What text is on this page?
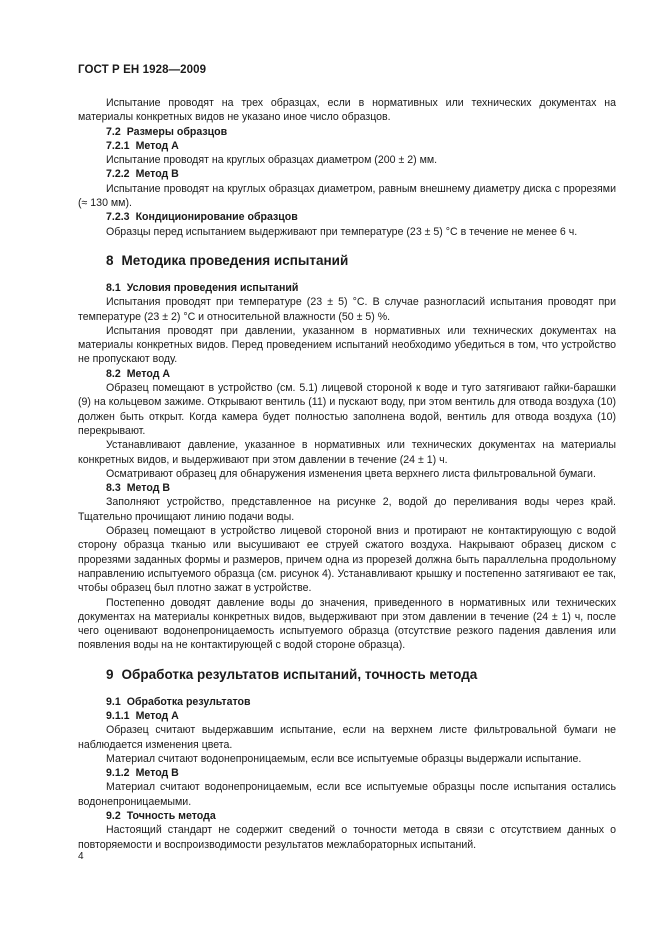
ГОСТ Р ЕН 1928—2009

Испытание проводят на трех образцах, если в нормативных или технических документах на материалы конкретных видов не указано иное число образцов.

7.2 Размеры образцов

7.2.1 Метод А

Испытание проводят на круглых образцах диаметром (200 ± 2) мм.

7.2.2 Метод В

Испытание проводят на круглых образцах диаметром, равным внешнему диаметру диска с прорезями (≈ 130 мм).

7.2.3 Кондиционирование образцов

Образцы перед испытанием выдерживают при температуре (23 ± 5) °С в течение не менее 6 ч.

8 Методика проведения испытаний

8.1 Условия проведения испытаний

Испытания проводят при температуре (23 ± 5) °С. В случае разногласий испытания проводят при температуре (23 ± 2) °С и относительной влажности (50 ± 5) %.

Испытания проводят при давлении, указанном в нормативных или технических документах на материалы конкретных видов. Перед проведением испытаний необходимо убедиться в том, что устройство не пропускают воду.

8.2 Метод А

Образец помещают в устройство (см. 5.1) лицевой стороной к воде и туго затягивают гайки-барашки (9) на кольцевом зажиме. Открывают вентиль (11) и пускают воду, при этом вентиль для отвода воздуха (10) должен быть открыт. Когда камера будет полностью заполнена водой, вентиль для отвода воздуха (10) перекрывают.

Устанавливают давление, указанное в нормативных или технических документах на материалы конкретных видов, и выдерживают при этом давлении в течение (24 ± 1) ч.

Осматривают образец для обнаружения изменения цвета верхнего листа фильтровальной бумаги.

8.3 Метод В

Заполняют устройство, представленное на рисунке 2, водой до переливания воды через край. Тщательно прочищают линию подачи воды.

Образец помещают в устройство лицевой стороной вниз и протирают не контактирующую с водой сторону образца тканью или высушивают ее струей сжатого воздуха. Накрывают образец диском с прорезями заданных формы и размеров, причем одна из прорезей должна быть параллельна продольному направлению испытуемого образца (см. рисунок 4). Устанавливают крышку и постепенно затягивают ее так, чтобы образец был плотно зажат в устройстве.

Постепенно доводят давление воды до значения, приведенного в нормативных или технических документах на материалы конкретных видов, выдерживают при этом давлении в течение (24 ± 1) ч, после чего оценивают водонепроницаемость испытуемого образца (отсутствие резкого падения давления или появления воды на не контактирующей с водой стороне образца).

9 Обработка результатов испытаний, точность метода

9.1 Обработка результатов

9.1.1 Метод А

Образец считают выдержавшим испытание, если на верхнем листе фильтровальной бумаги не наблюдается изменения цвета.

Материал считают водонепроницаемым, если все испытуемые образцы выдержали испытание.

9.1.2 Метод В

Материал считают водонепроницаемым, если все испытуемые образцы после испытания остались водонепроницаемыми.

9.2 Точность метода

Настоящий стандарт не содержит сведений о точности метода в связи с отсутствием данных о повторяемости и воспроизводимости результатов межлабораторных испытаний.

4
